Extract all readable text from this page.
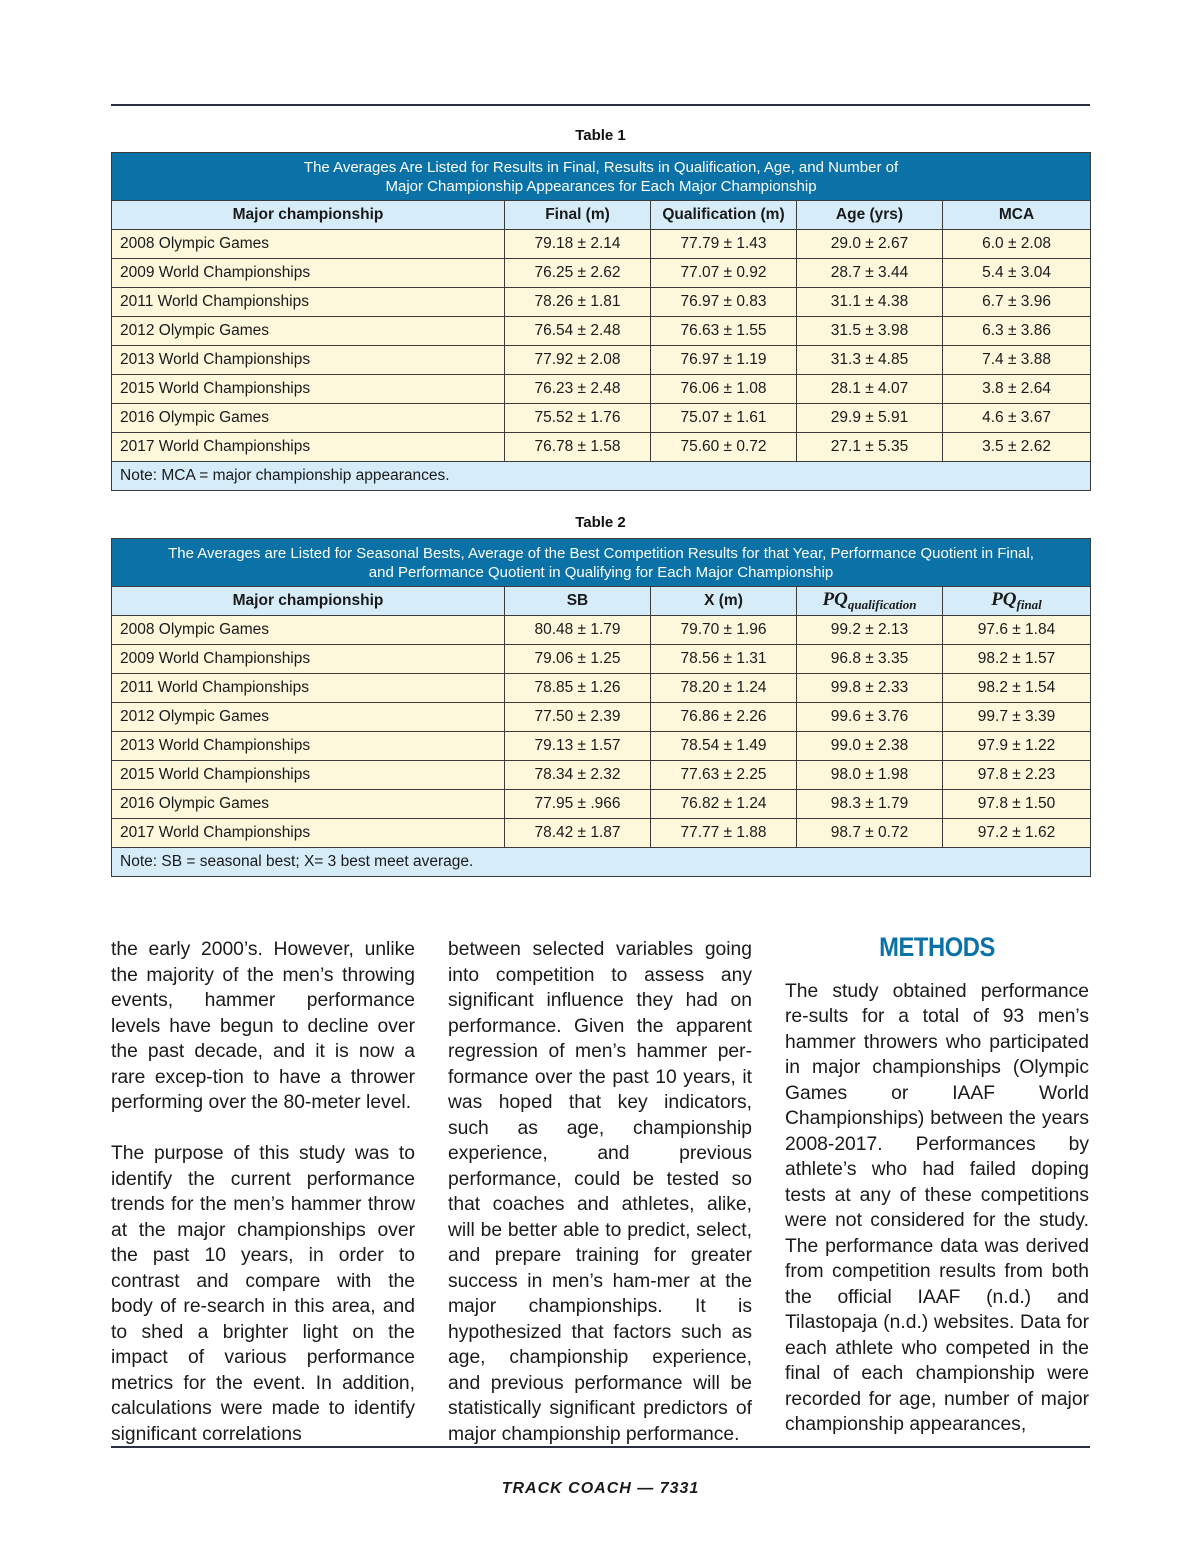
Table 1
The Averages Are Listed for Results in Final, Results in Qualification, Age, and Number of
Major Championship Appearances for Each Major Championship				
Major championship	Final (m)	Qualification (m)	Age (yrs)	MCA
2008 Olympic Games	79.18 ± 2.14	77.79 ± 1.43	29.0 ± 2.67	6.0 ± 2.08
2009 World Championships	76.25 ± 2.62	77.07 ± 0.92	28.7 ± 3.44	5.4 ± 3.04
2011 World Championships	78.26 ± 1.81	76.97 ± 0.83	31.1 ± 4.38	6.7 ± 3.96
2012 Olympic Games	76.54 ± 2.48	76.63 ± 1.55	31.5 ± 3.98	6.3 ± 3.86
2013 World Championships	77.92 ± 2.08	76.97 ± 1.19	31.3 ± 4.85	7.4 ± 3.88
2015 World Championships	76.23 ± 2.48	76.06 ± 1.08	28.1 ± 4.07	3.8 ± 2.64
2016 Olympic Games	75.52 ± 1.76	75.07 ± 1.61	29.9 ± 5.91	4.6 ± 3.67
2017 World Championships	76.78 ± 1.58	75.60 ± 0.72	27.1 ± 5.35	3.5 ± 2.62
Note: MCA = major championship appearances.				
Table 2
The Averages are Listed for Seasonal Bests, Average of the Best Competition Results for that Year, Performance Quotient in Final,
and Performance Quotient in Qualifying for Each Major Championship				
Major championship	SB	X (m)	$PQ_{qualification}$	$PQ_{final}$
2008 Olympic Games	80.48 ± 1.79	79.70 ± 1.96	99.2 ± 2.13	97.6 ± 1.84
2009 World Championships	79.06 ± 1.25	78.56 ± 1.31	96.8 ± 3.35	98.2 ± 1.57
2011 World Championships	78.85 ± 1.26	78.20 ± 1.24	99.8 ± 2.33	98.2 ± 1.54
2012 Olympic Games	77.50 ± 2.39	76.86 ± 2.26	99.6 ± 3.76	99.7 ± 3.39
2013 World Championships	79.13 ± 1.57	78.54 ± 1.49	99.0 ± 2.38	97.9 ± 1.22
2015 World Championships	78.34 ± 2.32	77.63 ± 2.25	98.0 ± 1.98	97.8 ± 2.23
2016 Olympic Games	77.95 ± .966	76.82 ± 1.24	98.3 ± 1.79	97.8 ± 1.50
2017 World Championships	78.42 ± 1.87	77.77 ± 1.88	98.7 ± 0.72	97.2 ± 1.62
Note: SB = seasonal best; X= 3 best meet average.				

the early 2000’s. However, unlike the majority of the men’s throwing events, hammer performance levels have begun to decline over the past decade, and it is now a rare excep-tion to have a thrower performing over the 80-meter level.

The purpose of this study was to identify the current performance trends for the men’s hammer throw at the major championships over the past 10 years, in order to contrast and compare with the body of re-search in this area, and to shed a brighter light on the impact of various performance metrics for the event. In addition, calculations were made to identify significant correlations

between selected variables going into competition to assess any significant influence they had on performance. Given the apparent regression of men’s hammer per-formance over the past 10 years, it was hoped that key indicators, such as age, championship experience, and previous performance, could be tested so that coaches and athletes, alike, will be better able to predict, select, and prepare training for greater success in men’s ham-mer at the major championships. It is hypothesized that factors such as age, championship experience, and previous performance will be statistically significant predictors of major championship performance.

METHODS

The study obtained performance re-sults for a total of 93 men’s hammer throwers who participated in major championships (Olympic Games or IAAF World Championships) between the years 2008-2017. Performances by athlete’s who had failed doping tests at any of these competitions were not considered for the study. The performance data was derived from competition results from both the official IAAF (n.d.) and Tilastopaja (n.d.) websites. Data for each athlete who competed in the final of each championship were recorded for age, number of major championship appearances,

TRACK COACH — 7331
